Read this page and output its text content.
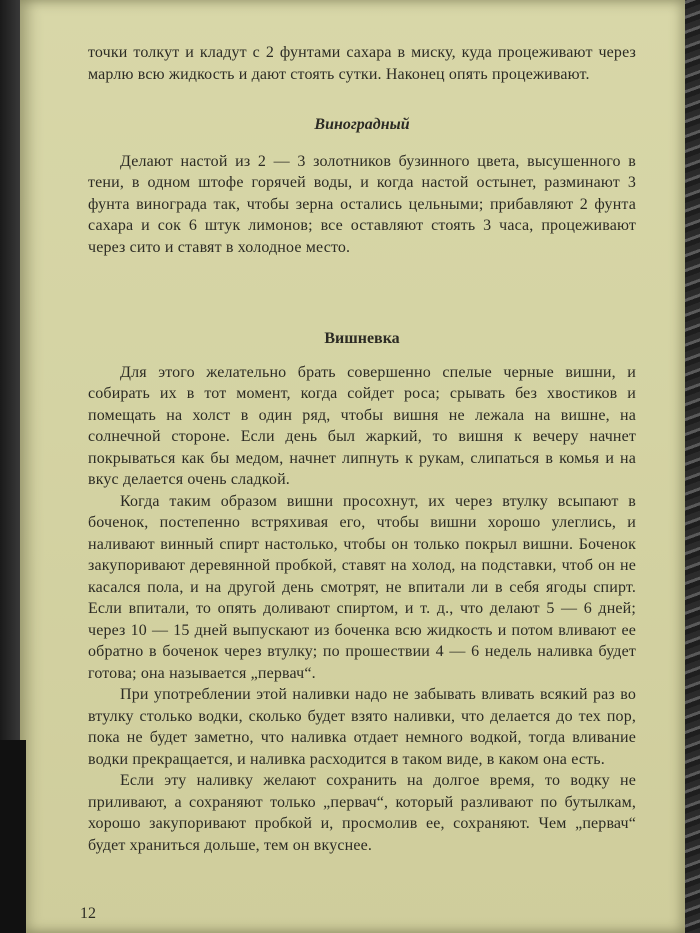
точки толкут и кладут с 2 фунтами сахара в миску, куда процеживают через марлю всю жидкость и дают стоять сутки. Наконец опять процеживают.

Виноградный

Делают настой из 2 — 3 золотников бузинного цвета, высушенного в тени, в одном штофе горячей воды, и когда настой остынет, разминают 3 фунта винограда так, чтобы зерна остались цельными; прибавляют 2 фунта сахара и сок 6 штук лимонов; все оставляют стоять 3 часа, процеживают через сито и ставят в холодное место.

Вишневка

Для этого желательно брать совершенно спелые черные вишни, и собирать их в тот момент, когда сойдет роса; срывать без хвостиков и помещать на холст в один ряд, чтобы вишня не лежала на вишне, на солнечной стороне. Если день был жаркий, то вишня к вечеру начнет покрываться как бы медом, начнет липнуть к рукам, слипаться в комья и на вкус делается очень сладкой.

Когда таким образом вишни просохнут, их через втулку всыпают в боченок, постепенно встряхивая его, чтобы вишни хорошо улеглись, и наливают винный спирт настолько, чтобы он только покрыл вишни. Боченок закупоривают деревянной пробкой, ставят на холод, на подставки, чтоб он не касался пола, и на другой день смотрят, не впитали ли в себя ягоды спирт. Если впитали, то опять доливают спиртом, и т. д., что делают 5 — 6 дней; через 10 — 15 дней выпускают из боченка всю жидкость и потом вливают ее обратно в боченок через втулку; по прошествии 4 — 6 недель наливка будет готова; она называется „первач“.

При употреблении этой наливки надо не забывать вливать всякий раз во втулку столько водки, сколько будет взято наливки, что делается до тех пор, пока не будет заметно, что наливка отдает немного водкой, тогда вливание водки прекращается, и наливка расходится в таком виде, в каком она есть.

Если эту наливку желают сохранить на долгое время, то водку не приливают, а сохраняют только „первач“, который разливают по бутылкам, хорошо закупоривают пробкой и, просмолив ее, сохраняют. Чем „первач“ будет храниться дольше, тем он вкуснее.

12
